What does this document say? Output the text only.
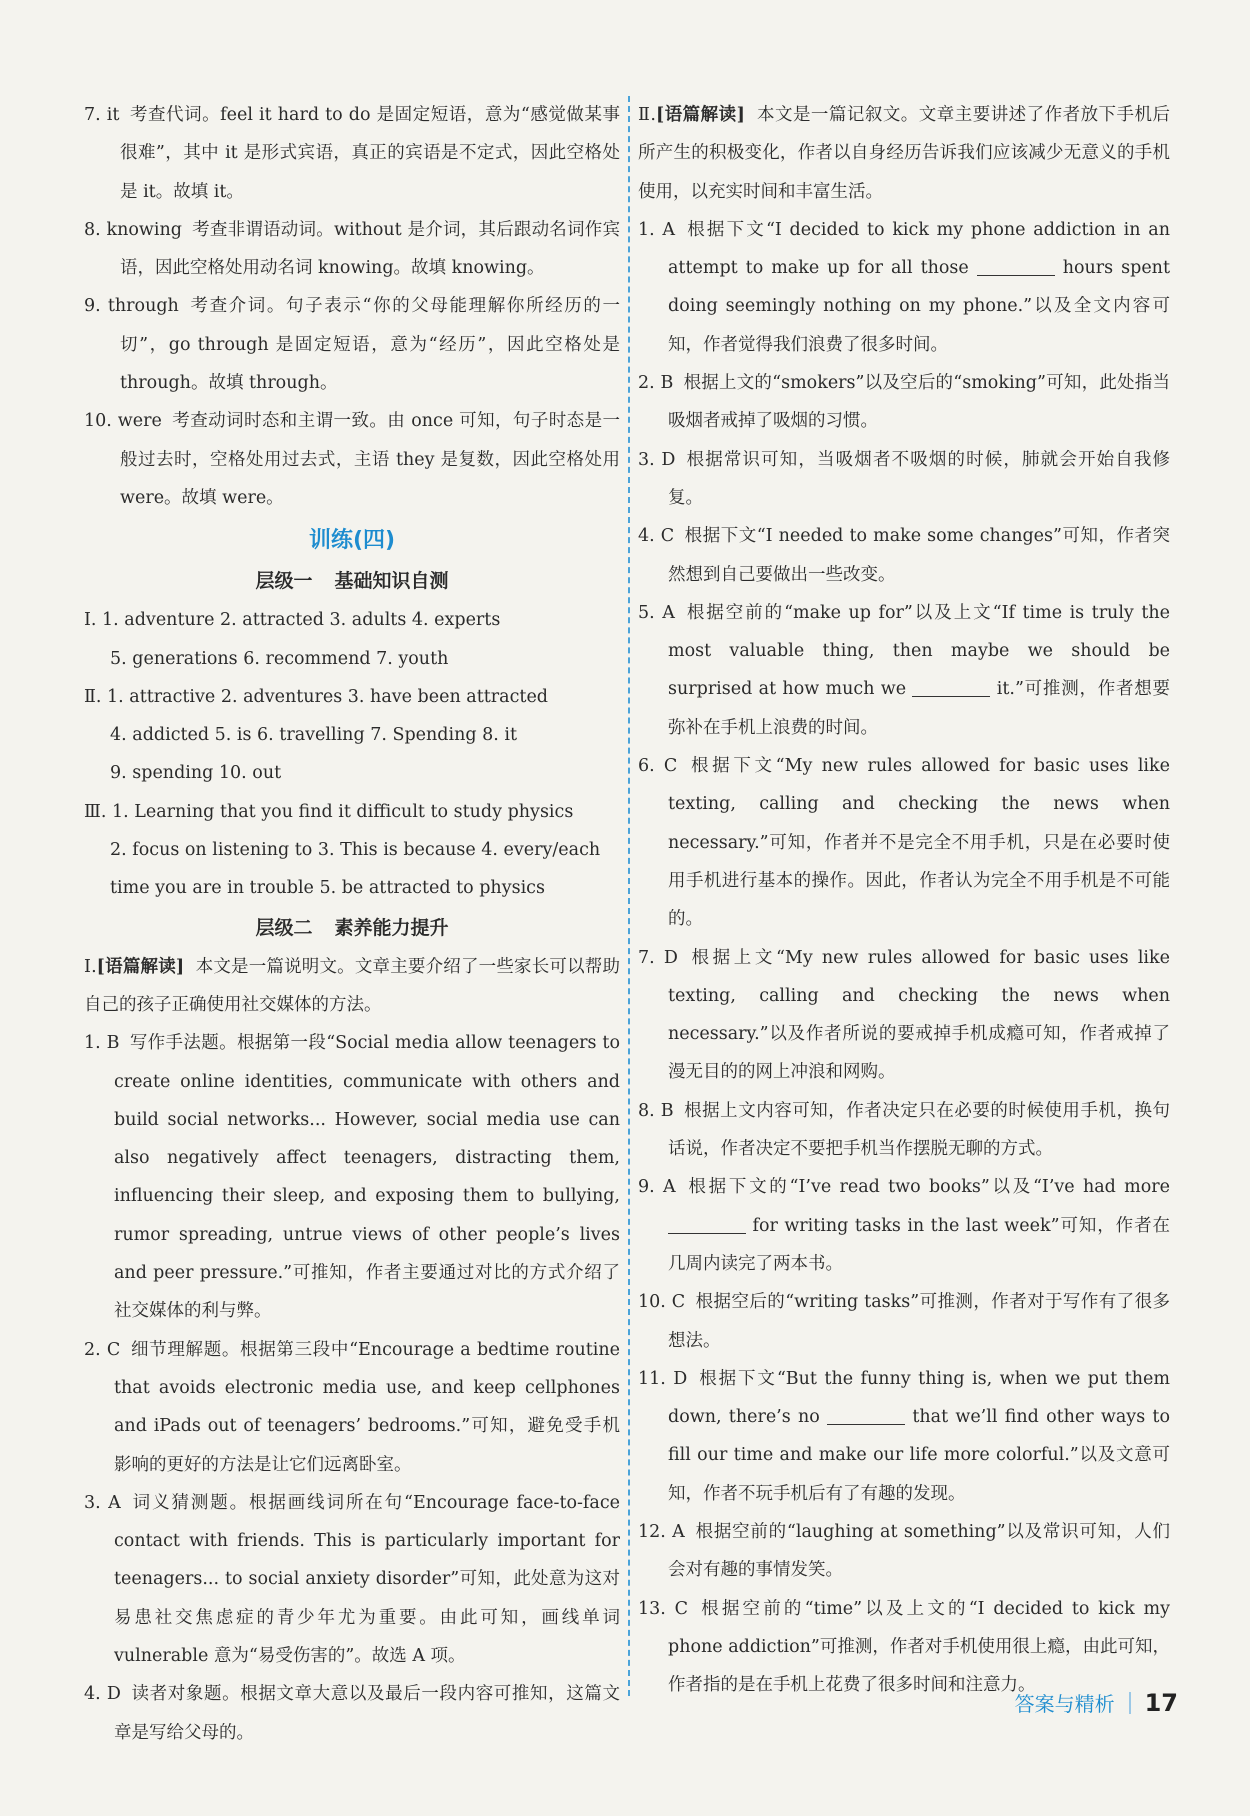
7. it 考查代词。feel it hard to do 是固定短语，意为“感觉做某事很难”，其中 it 是形式宾语，真正的宾语是不定式，因此空格处是 it。故填 it。
8. knowing 考查非谓语动词。without 是介词，其后跟动名词作宾语，因此空格处用动名词 knowing。故填 knowing。
9. through 考查介词。句子表示“你的父母能理解你所经历的一切”，go through 是固定短语，意为“经历”，因此空格处是 through。故填 through。
10. were 考查动词时态和主谓一致。由 once 可知，句子时态是一般过去时，空格处用过去式，主语 they 是复数，因此空格处用 were。故填 were。
训练(四)
层级一 基础知识自测
Ⅰ. 1. adventure 2. attracted 3. adults 4. experts
5. generations 6. recommend 7. youth
Ⅱ. 1. attractive 2. adventures 3. have been attracted
4. addicted 5. is 6. travelling 7. Spending 8. it
9. spending 10. out
Ⅲ. 1. Learning that you find it difficult to study physics
2. focus on listening to 3. This is because 4. every/each time you are in trouble 5. be attracted to physics
层级二 素养能力提升
Ⅰ.[语篇解读] 本文是一篇说明文。文章主要介绍了一些家长可以帮助自己的孩子正确使用社交媒体的方法。
1. B 写作手法题。根据第一段“Social media allow teenagers to create online identities, communicate with others and build social networks... However, social media use can also negatively affect teenagers, distracting them, influencing their sleep, and exposing them to bullying, rumor spreading, untrue views of other people’s lives and peer pressure.”可推知，作者主要通过对比的方式介绍了社交媒体的利与弊。
2. C 细节理解题。根据第三段中“Encourage a bedtime routine that avoids electronic media use, and keep cellphones and iPads out of teenagers’ bedrooms.”可知，避免受手机影响的更好的方法是让它们远离卧室。
3. A 词义猜测题。根据画线词所在句“Encourage face-to-face contact with friends. This is particularly important for teenagers... to social anxiety disorder”可知，此处意为这对易患社交焦虑症的青少年尤为重要。由此可知，画线单词 vulnerable 意为“易受伤害的”。故选 A 项。
4. D 读者对象题。根据文章大意以及最后一段内容可推知，这篇文章是写给父母的。
Ⅱ.[语篇解读] 本文是一篇记叙文。文章主要讲述了作者放下手机后所产生的积极变化，作者以自身经历告诉我们应该减少无意义的手机使用，以充实时间和丰富生活。
1. A 根据下文“I decided to kick my phone addiction in an attempt to make up for all those	hours spent doing seemingly nothing on my phone.”以及全文内容可知，作者觉得我们浪费了很多时间。
2. B 根据上文的“smokers”以及空后的“smoking”可知，此处指当吸烟者戒掉了吸烟的习惯。
3. D 根据常识可知，当吸烟者不吸烟的时候，肺就会开始自我修复。
4. C 根据下文“I needed to make some changes”可知，作者突然想到自己要做出一些改变。
5. A 根据空前的“make up for”以及上文“If time is truly the most valuable thing, then maybe we should be surprised at how much we	it.”可推测，作者想要弥补在手机上浪费的时间。
6. C 根据下文“My new rules allowed for basic uses like texting, calling and checking the news when necessary.”可知，作者并不是完全不用手机，只是在必要时使用手机进行基本的操作。因此，作者认为完全不用手机是不可能的。
7. D 根据上文“My new rules allowed for basic uses like texting, calling and checking the news when necessary.”以及作者所说的要戒掉手机成瘾可知，作者戒掉了漫无目的的网上冲浪和网购。
8. B 根据上文内容可知，作者决定只在必要的时候使用手机，换句话说，作者决定不要把手机当作摆脱无聊的方式。
9. A 根据下文的“I’ve read two books”以及“I’ve had more  for writing tasks in the last week”可知，作者在几周内读完了两本书。
10. C 根据空后的“writing tasks”可推测，作者对于写作有了很多想法。
11. D 根据下文“But the funny thing is, when we put them down, there’s no	that we’ll find other ways to fill our time and make our life more colorful.”以及文意可知，作者不玩手机后有了有趣的发现。
12. A 根据空前的“laughing at something”以及常识可知，人们会对有趣的事情发笑。
13. C 根据空前的“time”以及上文的“I decided to kick my phone addiction”可推测，作者对手机使用很上瘾，由此可知，作者指的是在手机上花费了很多时间和注意力。
答案与精析 17
